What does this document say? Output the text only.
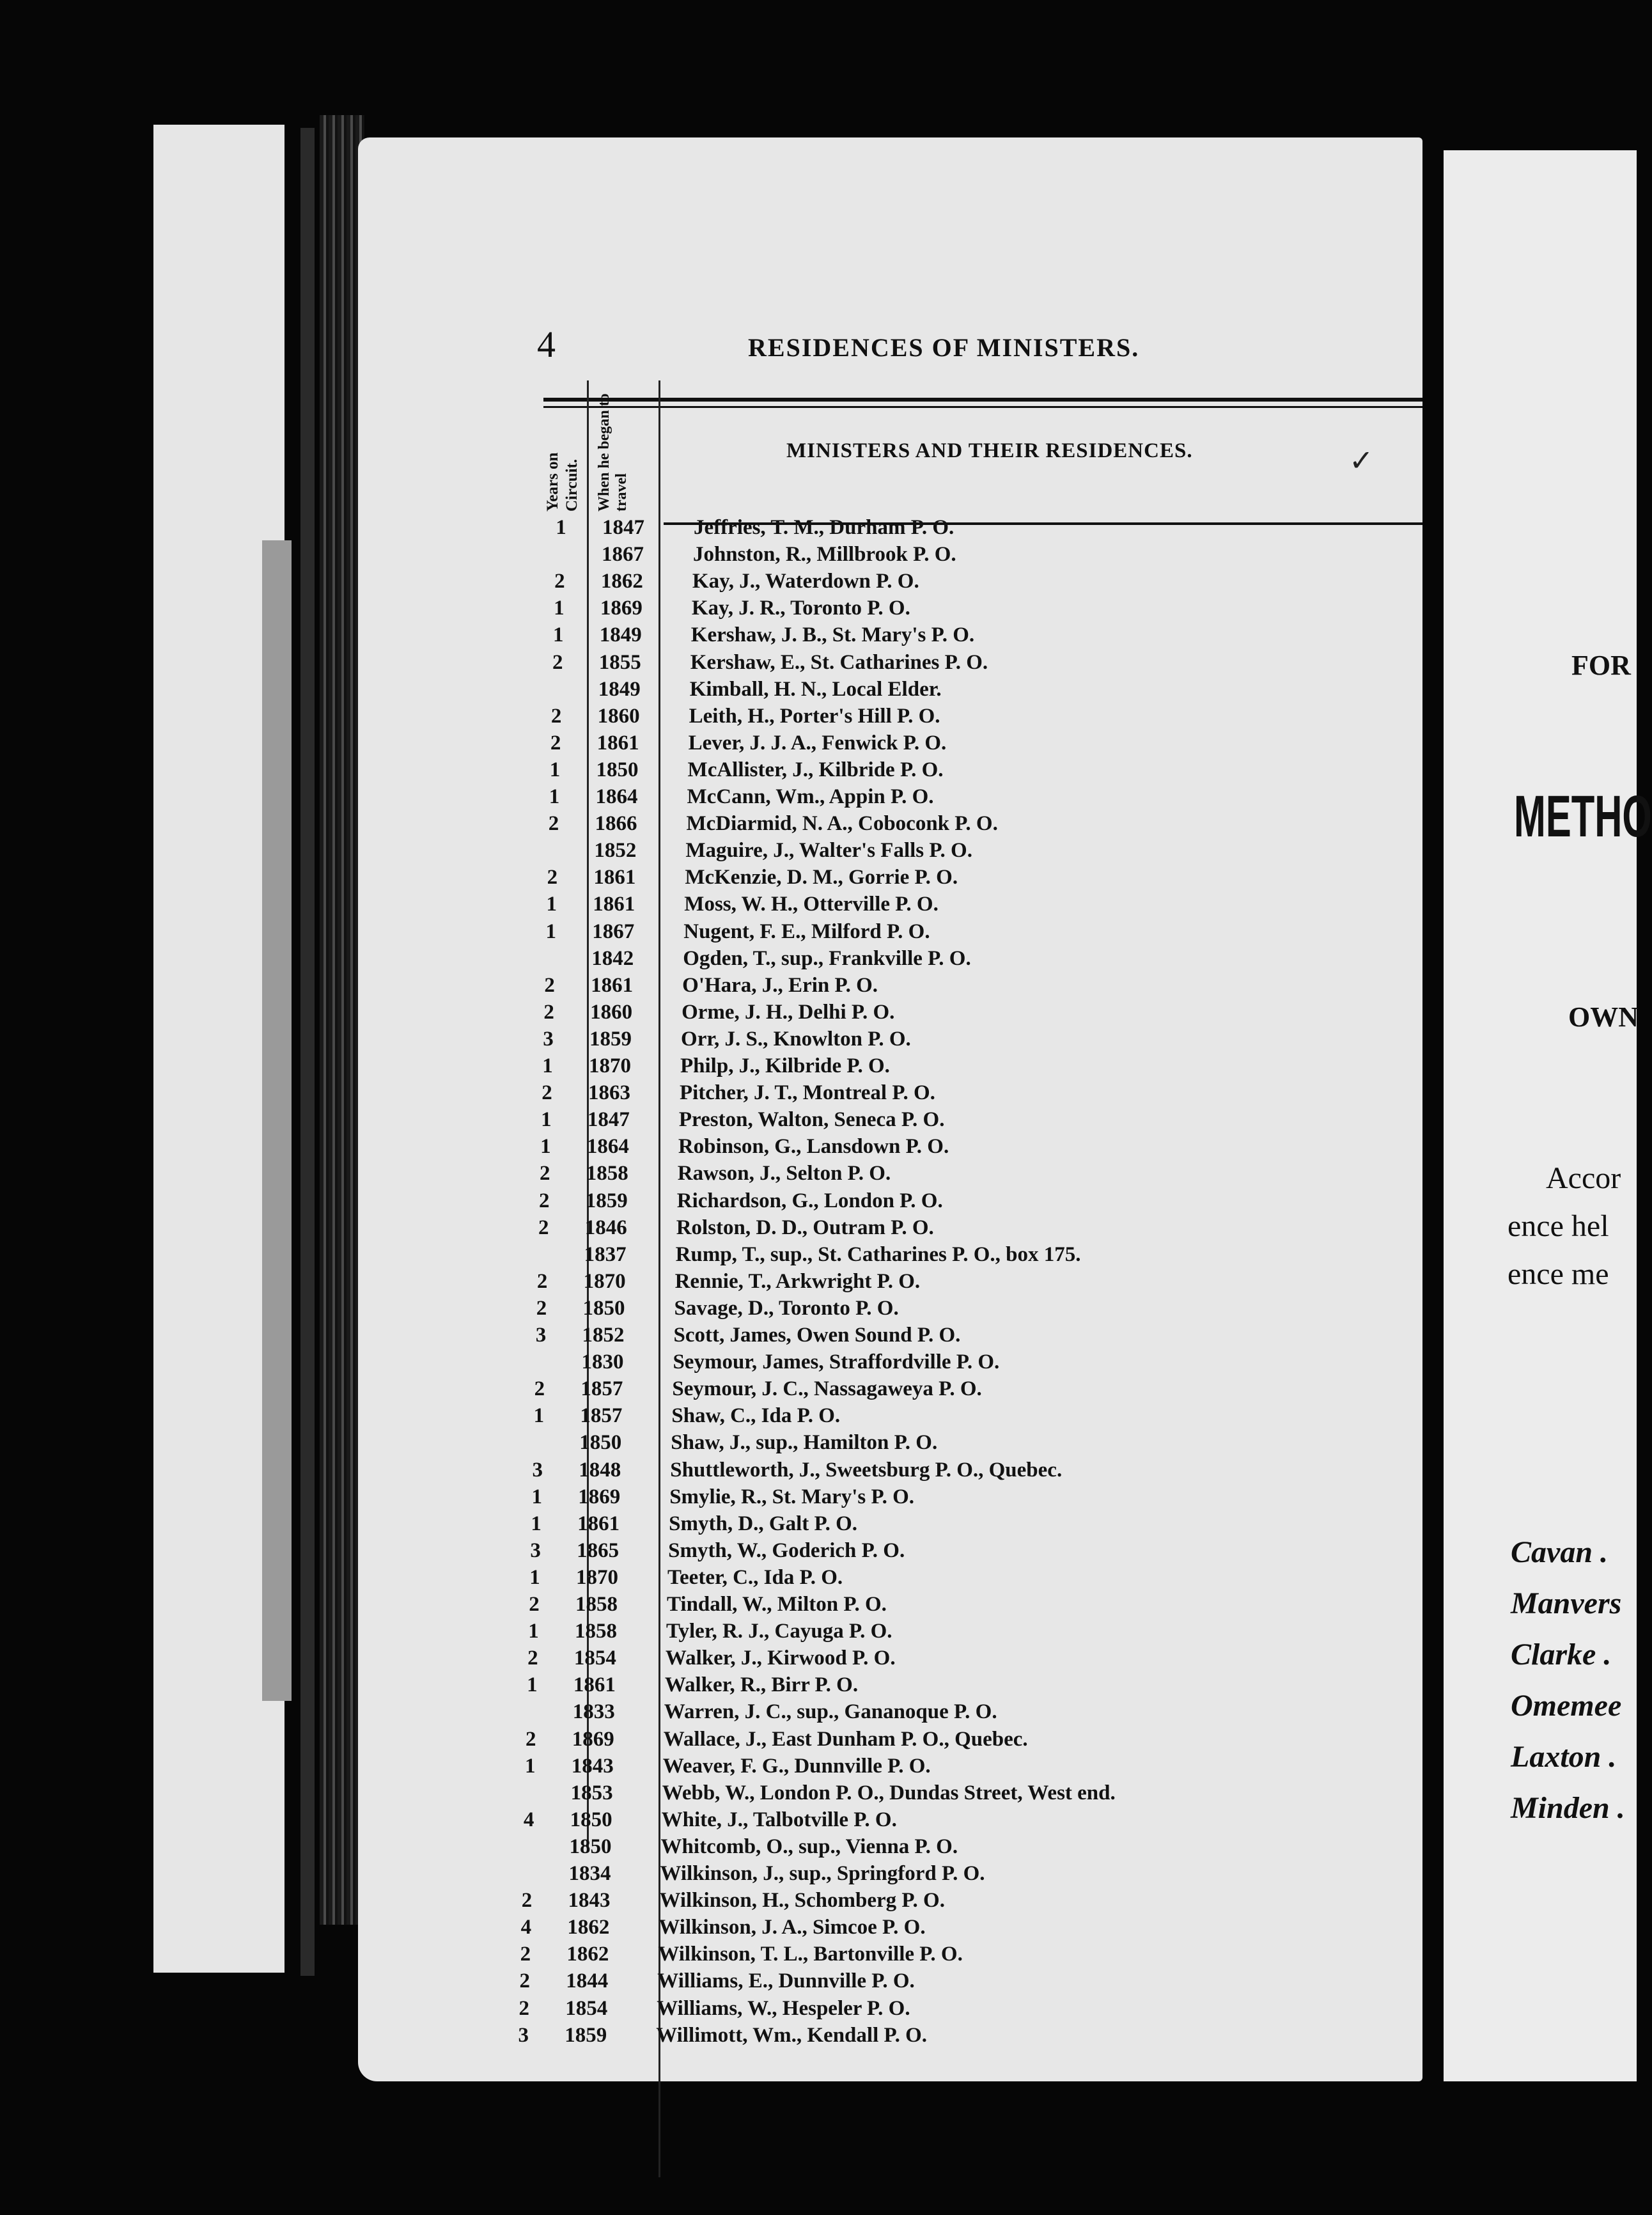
4	RESIDENCES OF MINISTERS.
Years on Circuit. When he began to travel
MINISTERS AND THEIR RESIDENCES.	✓
1	1847	Jeffries, T. M., Durham P. O.
1867	Johnston, R., Millbrook P. O.
2	1862	Kay, J., Waterdown P. O.
1	1869	Kay, J. R., Toronto P. O.
1	1849	Kershaw, J. B., St. Mary's P. O.
2	1855	Kershaw, E., St. Catharines P. O.
1849	Kimball, H. N., Local Elder.
2	1860	Leith, H., Porter's Hill P. O.
2	1861	Lever, J. J. A., Fenwick P. O.
1	1850	McAllister, J., Kilbride P. O.
1	1864	McCann, Wm., Appin P. O.
2	1866	McDiarmid, N. A., Coboconk P. O.
1852	Maguire, J., Walter's Falls P. O.
2	1861	McKenzie, D. M., Gorrie P. O.
1	1861	Moss, W. H., Otterville P. O.
1	1867	Nugent, F. E., Milford P. O.
1842	Ogden, T., sup., Frankville P. O.
2	1861	O'Hara, J., Erin P. O.
2	1860	Orme, J. H., Delhi P. O.
3	1859	Orr, J. S., Knowlton P. O.
1	1870	Philp, J., Kilbride P. O.
2	1863	Pitcher, J. T., Montreal P. O.
1	1847	Preston, Walton, Seneca P. O.
1	1864	Robinson, G., Lansdown P. O.
2	1858	Rawson, J., Selton P. O.
2	1859	Richardson, G., London P. O.
2	1846	Rolston, D. D., Outram P. O.
1837	Rump, T., sup., St. Catharines P. O., box 175.
2	1870	Rennie, T., Arkwright P. O.
2	1850	Savage, D., Toronto P. O.
3	1852	Scott, James, Owen Sound P. O.
1830	Seymour, James, Straffordville P. O.
2	1857	Seymour, J. C., Nassagaweya P. O.
1	1857	Shaw, C., Ida P. O.
1850	Shaw, J., sup., Hamilton P. O.
3	1848	Shuttleworth, J., Sweetsburg P. O., Quebec.
1	1869	Smylie, R., St. Mary's P. O.
1	1861	Smyth, D., Galt P. O.
3	1865	Smyth, W., Goderich P. O.
1	1870	Teeter, C., Ida P. O.
2	1858	Tindall, W., Milton P. O.
1	1858	Tyler, R. J., Cayuga P. O.
2	1854	Walker, J., Kirwood P. O.
1	1861	Walker, R., Birr P. O.
1833	Warren, J. C., sup., Gananoque P. O.
2	1869	Wallace, J., East Dunham P. O., Quebec.
1	1843	Weaver, F. G., Dunnville P. O.
1853	Webb, W., London P. O., Dundas Street, West end.
4	1850	White, J., Talbotville P. O.
1850	Whitcomb, O., sup., Vienna P. O.
1834	Wilkinson, J., sup., Springford P. O.
2	1843	Wilkinson, H., Schomberg P. O.
4	1862	Wilkinson, J. A., Simcoe P. O.
2	1862	Wilkinson, T. L., Bartonville P. O.
2	1844	Williams, E., Dunnville P. O.
2	1854	Williams, W., Hespeler P. O.
3	1859	Willimott, Wm., Kendall P. O.
FOR
METHO
OWN
Accor
ence hel
ence me
Cavan .
Manvers
Clarke .
Omemee
Laxton .
Minden .
